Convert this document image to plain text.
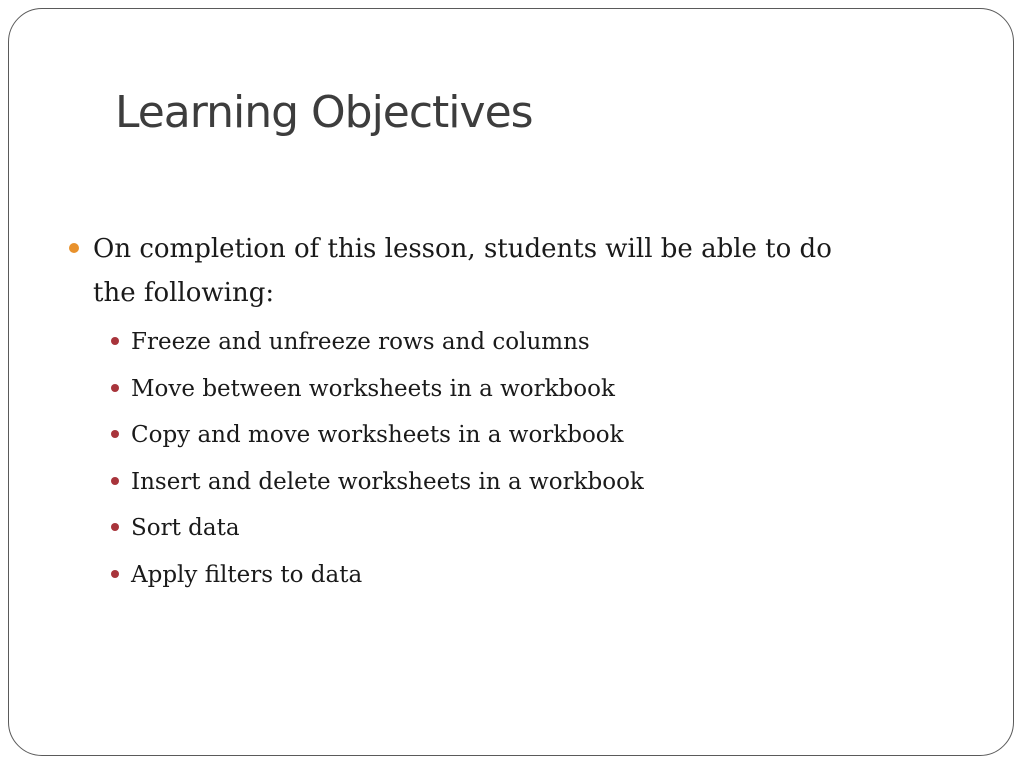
Learning Objectives
On completion of this lesson, students will be able to do the following:
Freeze and unfreeze rows and columns
Move between worksheets in a workbook
Copy and move worksheets in a workbook
Insert and delete worksheets in a workbook
Sort data
Apply filters to data
